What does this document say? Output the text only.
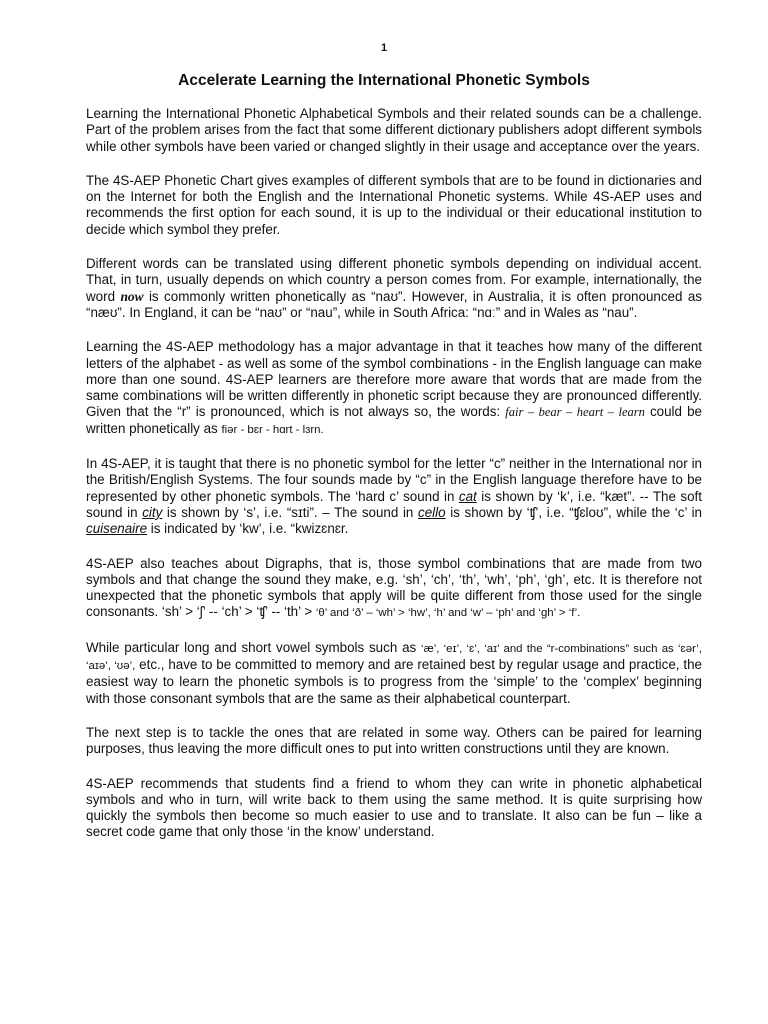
1
Accelerate Learning the International Phonetic Symbols

Learning the International Phonetic Alphabetical Symbols and their related sounds can be a challenge. Part of the problem arises from the fact that some different dictionary publishers adopt different symbols while other symbols have been varied or changed slightly in their usage and acceptance over the years.

The 4S-AEP Phonetic Chart gives examples of different symbols that are to be found in dictionaries and on the Internet for both the English and the International Phonetic systems. While 4S-AEP uses and recommends the first option for each sound, it is up to the individual or their educational institution to decide which symbol they prefer.

Different words can be translated using different phonetic symbols depending on individual accent. That, in turn, usually depends on which country a person comes from. For example, internationally, the word now is commonly written phonetically as “naʊ”. However, in Australia, it is often pronounced as “næʊ”. In England, it can be “naʊ” or “nau”, while in South Africa: “nɑː” and in Wales as “nau”.

Learning the 4S-AEP methodology has a major advantage in that it teaches how many of the different letters of the alphabet - as well as some of the symbol combinations - in the English language can make more than one sound. 4S-AEP learners are therefore more aware that words that are made from the same combinations will be written differently in phonetic script because they are pronounced differently. Given that the “r” is pronounced, which is not always so, the words: fair – bear – heart – learn could be written phonetically as fiər - bɛr - hɑrt - lɜrn.

In 4S-AEP, it is taught that there is no phonetic symbol for the letter “c” neither in the International nor in the British/English Systems. The four sounds made by “c” in the English language therefore have to be represented by other phonetic symbols. The ‘hard c’ sound in cat is shown by ‘k’, i.e. “kæt”. -- The soft sound in city is shown by ‘s’, i.e. “sɪti”. – The sound in cello is shown by ‘ʧ’, i.e. “ʧɛloʊ”, while the ‘c’ in cuisenaire is indicated by ‘kw’, i.e. “kwizɛnɛr.

4S-AEP also teaches about Digraphs, that is, those symbol combinations that are made from two symbols and that change the sound they make, e.g. ‘sh’, ‘ch’, ‘th’, ‘wh’, ‘ph’, ‘gh’, etc. It is therefore not unexpected that the phonetic symbols that apply will be quite different from those used for the single consonants. ‘sh’ > ‘ʃ’ -- ‘ch’ > ‘ʧ’ -- ‘th’ > ‘θ’ and ‘ð’ – ‘wh’ > ‘hw’, ‘h’ and ‘w’ – ‘ph’ and ‘gh’ > ‘f’.

While particular long and short vowel symbols such as ‘æ’, ‘eɪ’, ‘ɛ’, ‘aɪ’ and the “r-combinations” such as ‘ɛər’, ‘aɪə’, ‘ʊə’, etc., have to be committed to memory and are retained best by regular usage and practice, the easiest way to learn the phonetic symbols is to progress from the ‘simple’ to the ‘complex’ beginning with those consonant symbols that are the same as their alphabetical counterpart.

The next step is to tackle the ones that are related in some way. Others can be paired for learning purposes, thus leaving the more difficult ones to put into written constructions until they are known.

4S-AEP recommends that students find a friend to whom they can write in phonetic alphabetical symbols and who in turn, will write back to them using the same method. It is quite surprising how quickly the symbols then become so much easier to use and to translate. It also can be fun – like a secret code game that only those ‘in the know’ understand.
